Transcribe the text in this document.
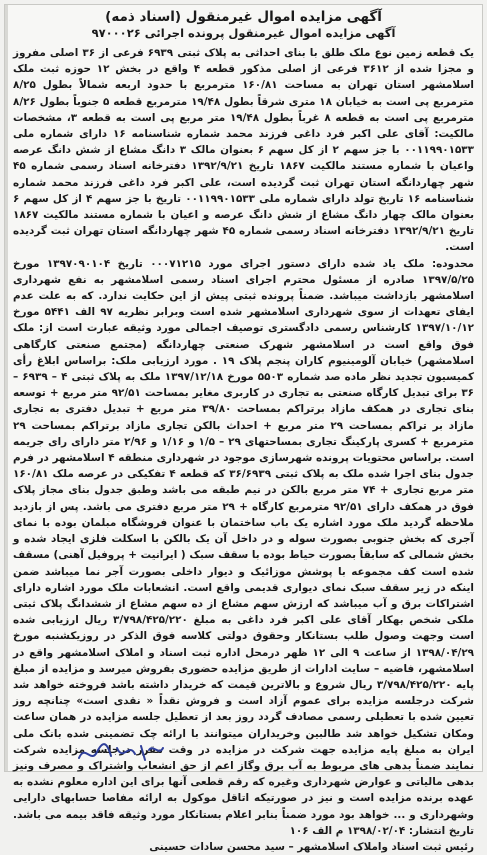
آگهی مزایده اموال غیرمنقول (اسناد ذمه)
آگهی مزایده اموال غیرمنقول پرونده اجرائی ۹۷۰۰۰۲۶

یک قطعه زمین نوع ملک طلق با بنای احداثی به پلاک ثبتی ۶۹۳۹ فرعی از ۳۶ اصلی مفروز و مجزا شده از ۳۶۱۲ فرعی از اصلی مذکور قطعه ۴ واقع در بخش ۱۲ حوزه ثبت ملک اسلامشهر استان تهران به مساحت ۱۶۰/۸۱ مترمربع با حدود اربعه شمالاً بطول ۸/۲۵ مترمربع پی است به خیابان ۱۸ متری شرقاً بطول ۱۹/۴۸ مترمربع قطعه ۵ جنوباً بطول ۸/۲۶ مترمربع پی است به قطعه ۸ غرباً بطول ۱۹/۴۸ متر مربع پی است به قطعه ۳، مشخصات مالکیت: آقای علی اکبر فرد داغی فرزند محمد شماره شناسنامه ۱۶ دارای شماره ملی ۰۰۱۱۹۹۰۱۵۳۳ با جز سهم ۲ از کل سهم ۶ بعنوان مالک ۳ دانگ مشاع از شش دانگ عرصه واعیان با شماره مستند مالکیت ۱۸۶۷ تاریخ ۱۳۹۲/۹/۲۱ دفترخانه اسناد رسمی شماره ۴۵ شهر چهاردانگه استان تهران ثبت گردیده است، علی اکبر فرد داغی فرزند محمد شماره شناسنامه ۱۶ تاریخ تولد دارای شماره ملی ۰۰۱۱۹۹۰۱۵۳۳ تاریخ با جز سهم ۴ از کل سهم ۶ بعنوان مالک چهار دانگ مشاع از شش دانگ عرصه و اعیان با شماره مستند مالکیت ۱۸۶۷ تاریخ ۱۳۹۲/۹/۲۱ دفترخانه اسناد رسمی شماره ۴۵ شهر چهاردانگه استان تهران ثبت گردیده است.

محدوده: ملک یاد شده دارای دستور اجرای مورد ۰۰۰۷۱۲۱۵ تاریخ ۱۳۹۷۰۹۰۱۰۴ مورخ ۱۳۹۷/۵/۲۵ صادره از مسئول محترم اجرای اسناد رسمی اسلامشهر به نفع شهرداری اسلامشهر بازداشت میباشد. ضمناً پرونده ثبتی پیش از این حکایت ندارد. که به علت عدم ایفای تعهدات از سوی شهرداری اسلامشهر شده است وبرابر نظریه ۹۷ الف ۵۴۴۱ مورخ ۱۳۹۷/۱۰/۱۲ کارشناس رسمی دادگستری توصیف اجمالی مورد وثیقه عبارت است از: ملک فوق واقع است در اسلامشهر شهرک صنعتی چهاردانگه (مجتمع صنعتی کارگاهی اسلامشهر) خیابان آلومینیوم کاران پنجم پلاک ۱۹ . مورد ارزیابی ملک: براساس ابلاغ رأی کمیسیون تجدید نظر ماده صد شماره ۵۵۰۳ مورخ ۱۳۹۷/۱۲/۱۸ ملک به پلاک ثبتی ۴ – ۶۹۳۹ – ۳۶ برای تبدیل کارگاه صنعتی به تجاری در کاربری مغایر بمساحت ۹۲/۵۱ متر مربع + توسعه بنای تجاری در همکف مازاد برتراکم بمساحت ۳۹/۸۰ متر مربع + تبدیل دفتری به تجاری مازاد بر تراکم بمساحت ۲۹ متر مربع + احداث بالکن تجاری مازاد برتراکم بمساحت ۲۹ مترمربع + کسری پارکینگ تجاری بمساحتهای ۲۹ – ۱/۵ و ۱/۱۶ و ۲/۹۶ متر دارای رای جریمه است. براساس محتویات پرونده شهرسازی موجود در شهرداری منطقه ۴ اسلامشهر در فرم جدول بنای اجرا شده ملک به پلاک ثبتی ۳۶/۶۹۳۹ که قطعه ۴ تفکیکی در عرصه ملک ۱۶۰/۸۱ متر مربع تجاری + ۷۴ متر مربع بالکن در نیم طبقه می باشد وطبق جدول بنای مجاز پلاک فوق در همکف دارای ۹۲/۵۱ مترمربع کارگاه + ۲۹ متر مربع دفتری می باشد. پس از بازدید ملاحظه گردید ملک مورد اشاره یک باب ساختمان با عنوان فروشگاه مبلمان بوده با نمای آجری که بخش جنوبی بصورت سوله و در داخل آن یک بالکن با اسکلت فلزی ایجاد شده و بخش شمالی که سابقاً بصورت حیاط بوده با سقف سبک ( ایرانیت + پروفیل آهنی) مسقف شده است کف مجموعه با پوشش موزائیک و دیوار داخلی بصورت آجر نما میباشد ضمن اینکه در زیر سقف سبک نمای دیواری قدیمی واقع است. انشعابات ملک مورد اشاره دارای اشتراکات برق و آب میباشد که ارزش سهم مشاع از ده سهم مشاع از ششدانگ پلاک ثبتی ملکی شخص بهکار آقای علی اکبر فرد داغی به مبلغ ۳/۷۹۸/۴۲۵/۲۲۰ ریال ارزیابی شده است وجهت وصول طلب بستانکار وحقوق دولتی کلاسه فوق الذکر در روزیکشنبه مورخ ۱۳۹۸/۰۴/۲۹ از ساعت ۹ الی ۱۲ ظهر درمحل اداره ثبت اسناد و املاک اسلامشهر واقع در اسلامشهر، فاضیه – سایت ادارات از طریق مزایده حضوری بفروش میرسد و مزایده از مبلغ پایه ۳/۷۹۸/۴۲۵/۲۲۰ ریال شروع و بالاترین قیمت که خریدار داشته باشد فروخته خواهد شد شرکت درجلسه مزایده برای عموم آزاد است و فروش نقداً « نقدی است» چنانچه روز تعیین شده با تعطیلی رسمی مصادف گردد روز بعد از تعطیل جلسه مزایده در همان ساعت ومکان تشکیل خواهد شد طالبین وخریداران میتوانند با ارائه چک تضمینی شده بانک ملی ایران به مبلغ پایه مزایده جهت شرکت در مزایده در وقت مقرر درجلسه مزایده شرکت نمایند ضمناً بدهی های مربوط به آب برق وگاز اعم از حق انشعاب واشتراک و مصرف ونیز بدهی مالیاتی و عوارض شهرداری وغیره که رقم قطعی آنها برای این اداره معلوم نشده به عهده برنده مزایده است و نیز در صورتیکه اتاقل موکول به ارائه مفاصا حسابهای دارایی وشهرداری و ... خواهد بود مورد ضمناً بنابر اعلام بستانکار مورد وثیقه فاقد بیمه می باشد. تاریخ انتشار: ۱۳۹۸/۰۲/۰۴ م الف ۱۰۶

رئیس ثبت اسناد واملاک اسلامشهر – سید محسن سادات حسینی
